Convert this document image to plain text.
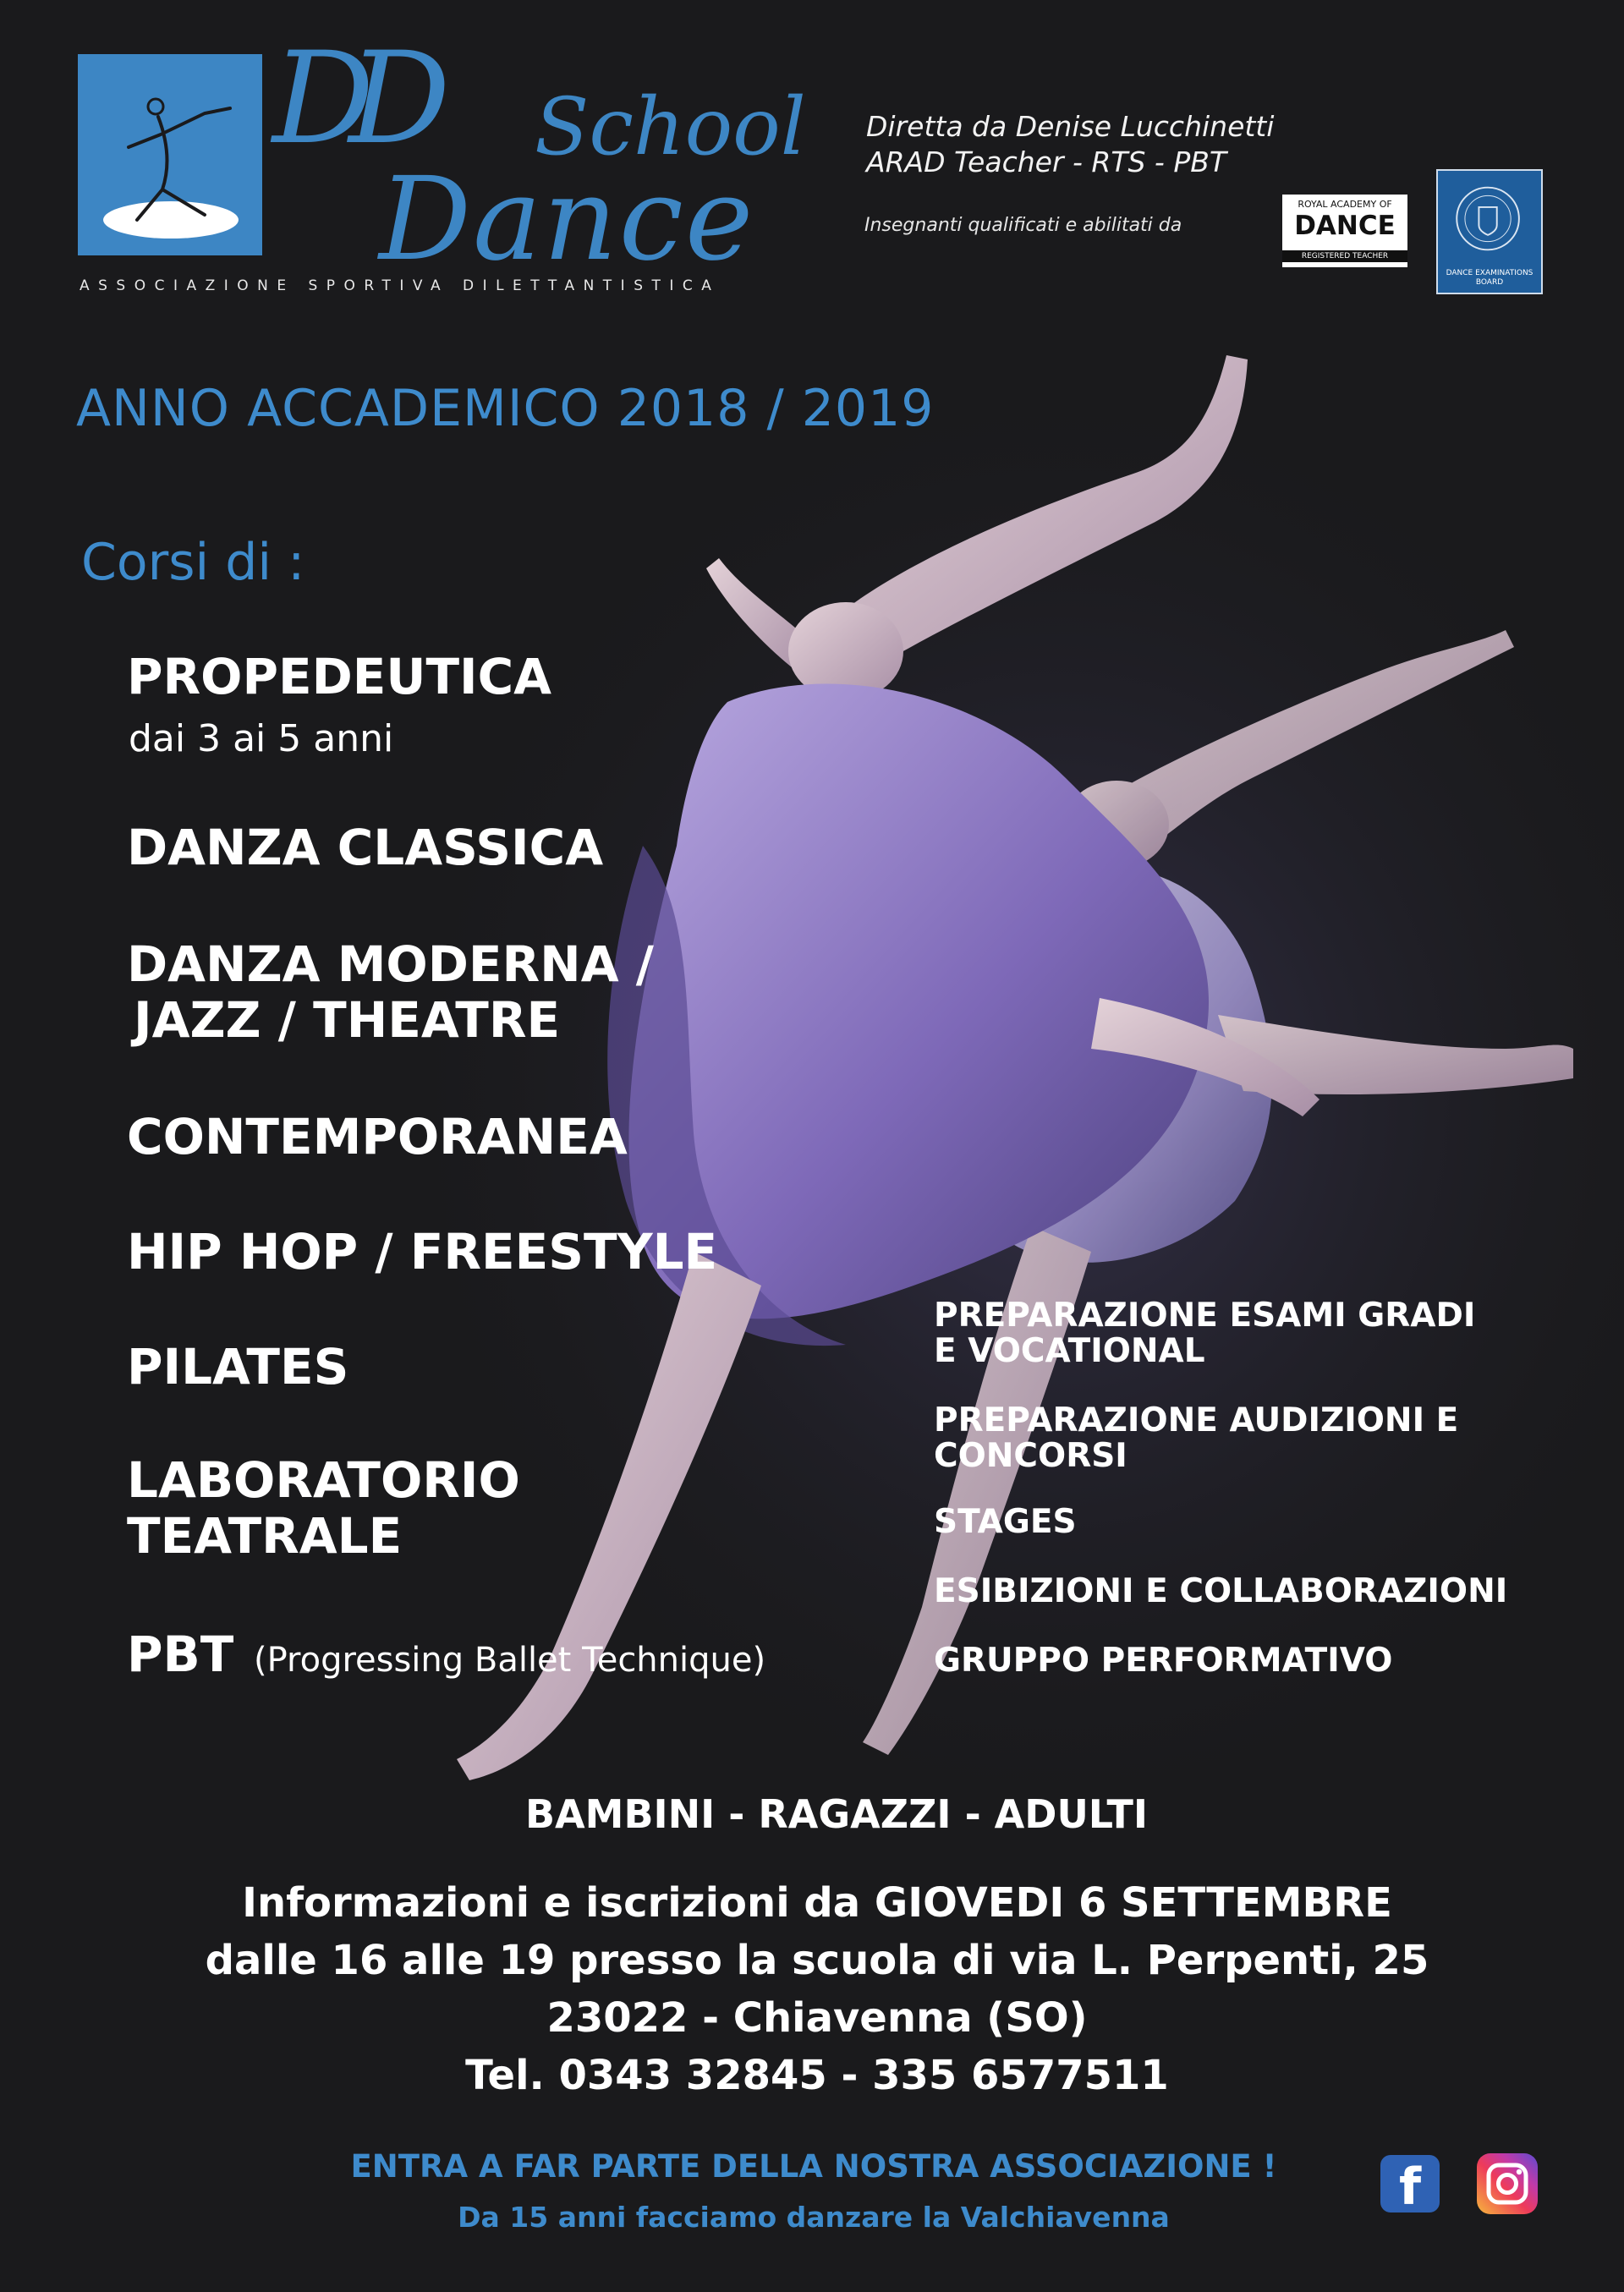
DD School
Dance
ASSOCIAZIONE SPORTIVA DILETTANTISTICA
Diretta da Denise Lucchinetti
ARAD Teacher - RTS - PBT
Insegnanti qualificati e abilitati da
ROYAL ACADEMY OF
DANCE
REGISTERED TEACHER
DANCE EXAMINATIONS BOARD
ANNO ACCADEMICO 2018 / 2019
Corsi di :
PROPEDEUTICA
dai 3 ai 5 anni
DANZA CLASSICA
DANZA MODERNA /
JAZZ / THEATRE
CONTEMPORANEA
HIP HOP / FREESTYLE
PILATES
LABORATORIO
TEATRALE
PBT (Progressing Ballet Technique)
PREPARAZIONE ESAMI GRADI
E VOCATIONAL
PREPARAZIONE AUDIZIONI E
CONCORSI
STAGES
ESIBIZIONI E COLLABORAZIONI
GRUPPO PERFORMATIVO
BAMBINI - RAGAZZI - ADULTI
Informazioni e iscrizioni da GIOVEDI 6 SETTEMBRE
dalle 16 alle 19 presso la scuola di via L. Perpenti, 25
23022 - Chiavenna (SO)
Tel. 0343 32845 - 335 6577511
ENTRA A FAR PARTE DELLA NOSTRA ASSOCIAZIONE !
Da 15 anni facciamo danzare la Valchiavenna
f
